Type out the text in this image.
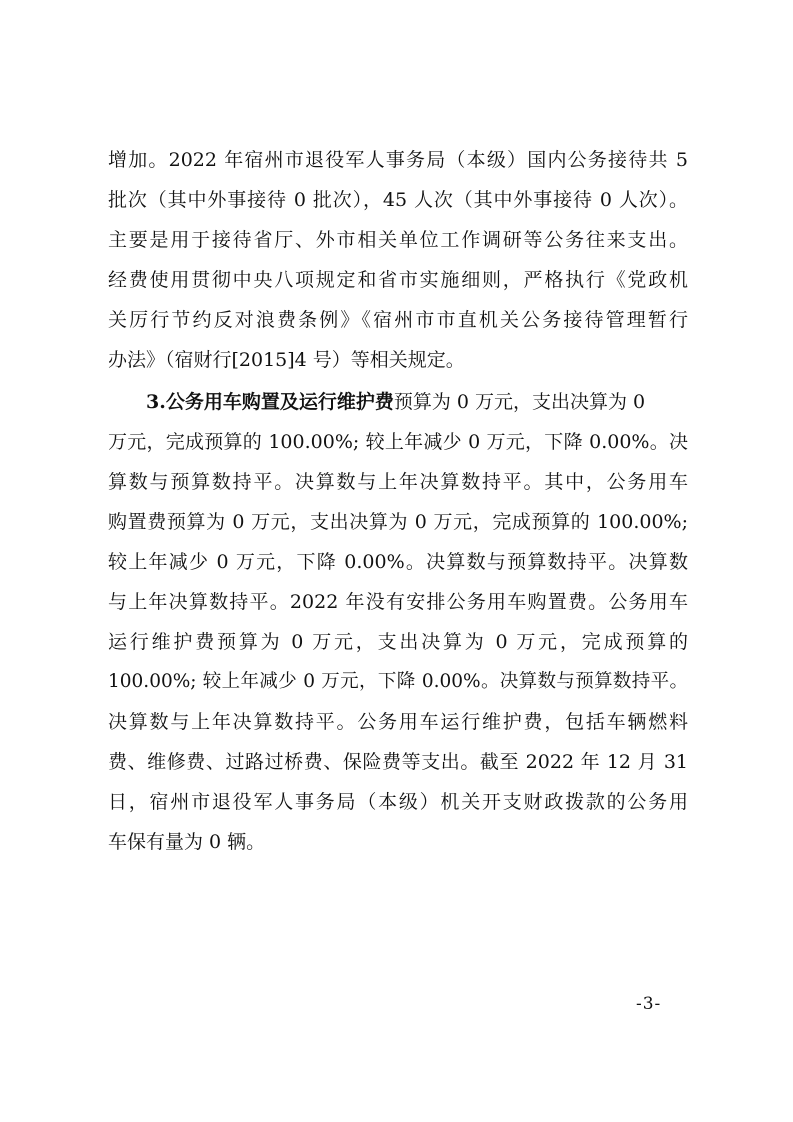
增加。2022 年宿州市退役军人事务局（本级）国内公务接待共 5
批次（其中外事接待 0 批次），45 人次（其中外事接待 0 人次）。
主要是用于接待省厅、外市相关单位工作调研等公务往来支出。
经费使用贯彻中央八项规定和省市实施细则，严格执行《党政机
关厉行节约反对浪费条例》《宿州市市直机关公务接待管理暂行
办法》（宿财行[2015]4 号）等相关规定。
3.公务用车购置及运行维护费预算为 0 万元，支出决算为 0
万元，完成预算的 100.00%; 较上年减少 0 万元，下降 0.00%。决
算数与预算数持平。决算数与上年决算数持平。其中，公务用车
购置费预算为 0 万元，支出决算为 0 万元，完成预算的 100.00%;
较上年减少 0 万元，下降 0.00%。决算数与预算数持平。决算数
与上年决算数持平。2022 年没有安排公务用车购置费。公务用车
运行维护费预算为 0 万元，支出决算为 0 万元，完成预算的
100.00%; 较上年减少 0 万元，下降 0.00%。决算数与预算数持平。
决算数与上年决算数持平。公务用车运行维护费，包括车辆燃料
费、维修费、过路过桥费、保险费等支出。截至 2022 年 12 月 31
日，宿州市退役军人事务局（本级）机关开支财政拨款的公务用
车保有量为 0 辆。
-3-
